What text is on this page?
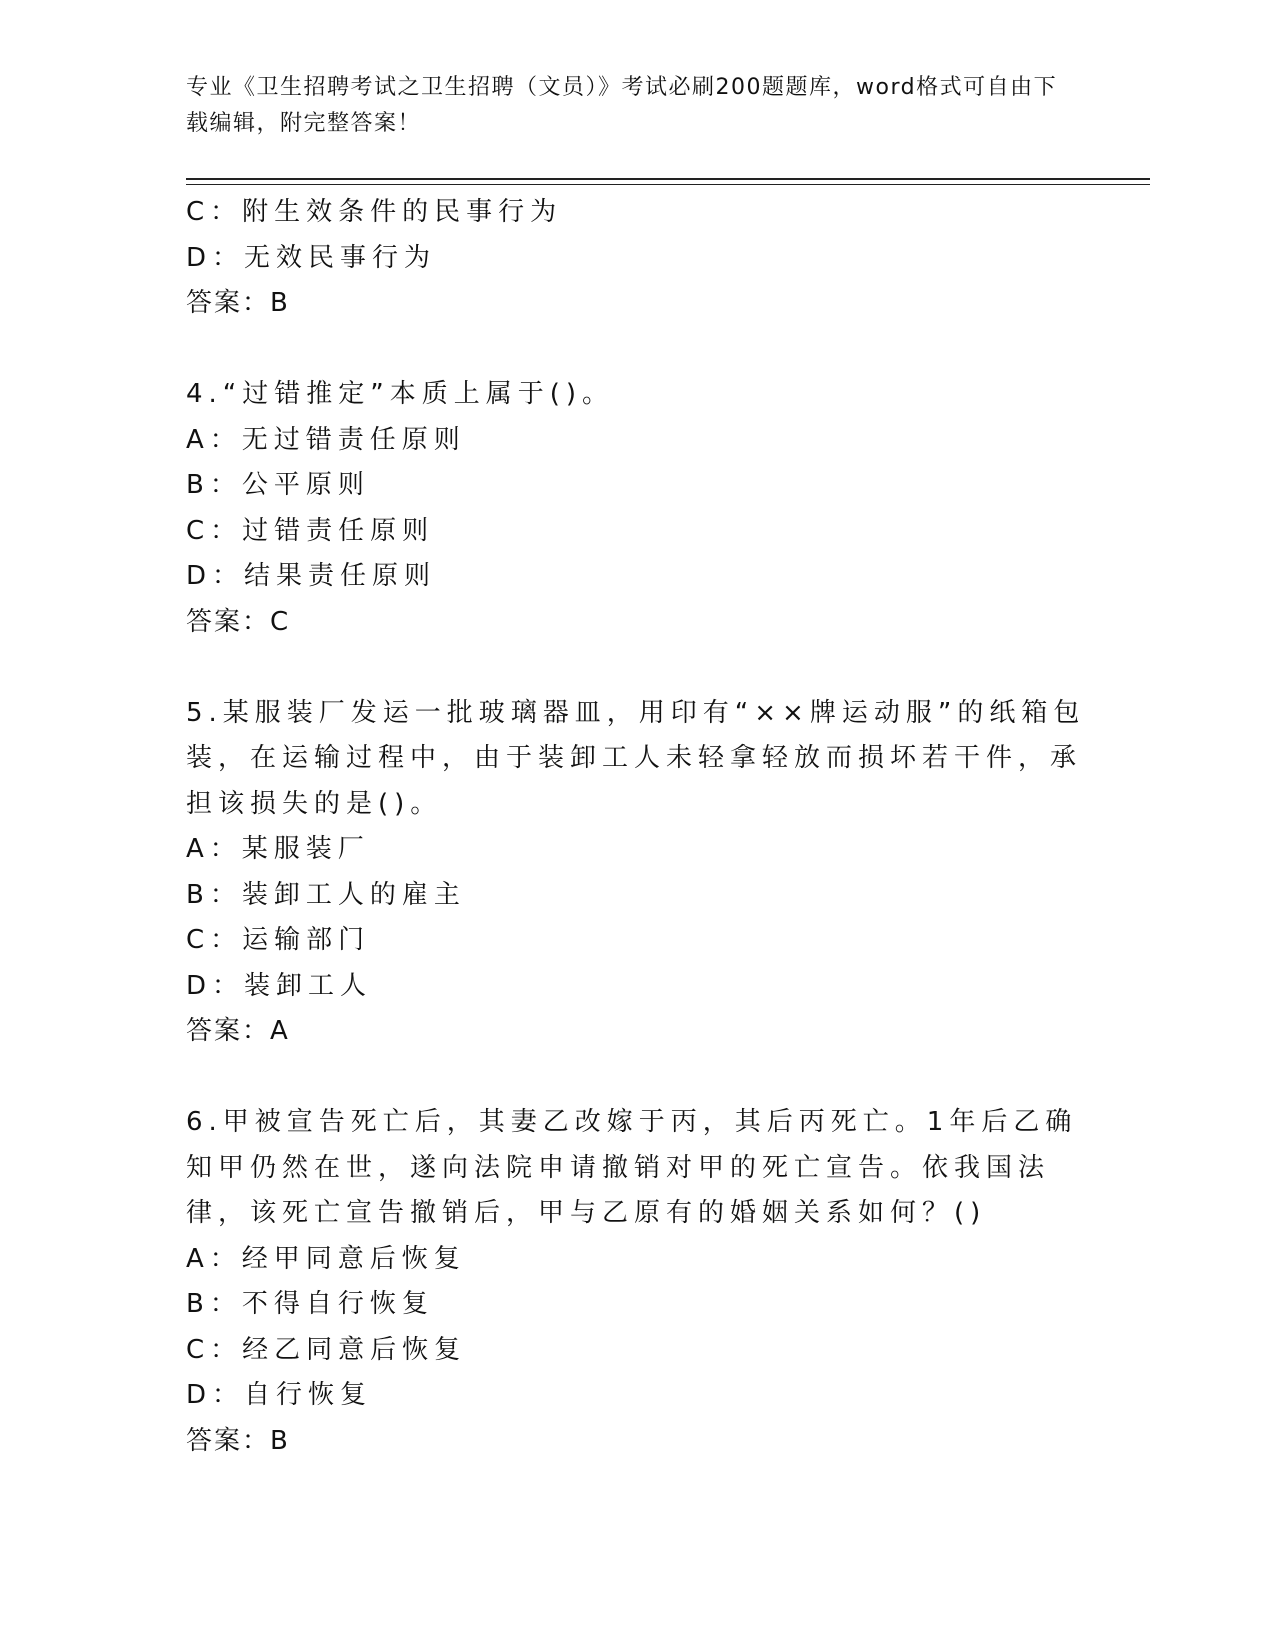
专业《卫生招聘考试之卫生招聘（文员）》考试必刷200题题库，word格式可自由下载编辑，附完整答案！
C：附生效条件的民事行为
D：无效民事行为
答案：B
4.“过错推定”本质上属于()。
A：无过错责任原则
B：公平原则
C：过错责任原则
D：结果责任原则
答案：C
5.某服装厂发运一批玻璃器皿，用印有“××牌运动服”的纸箱包装，在运输过程中，由于装卸工人未轻拿轻放而损坏若干件，承担该损失的是()。
A：某服装厂
B：装卸工人的雇主
C：运输部门
D：装卸工人
答案：A
6.甲被宣告死亡后，其妻乙改嫁于丙，其后丙死亡。1年后乙确知甲仍然在世，遂向法院申请撤销对甲的死亡宣告。依我国法律，该死亡宣告撤销后，甲与乙原有的婚姻关系如何？()
A：经甲同意后恢复
B：不得自行恢复
C：经乙同意后恢复
D：自行恢复
答案：B
